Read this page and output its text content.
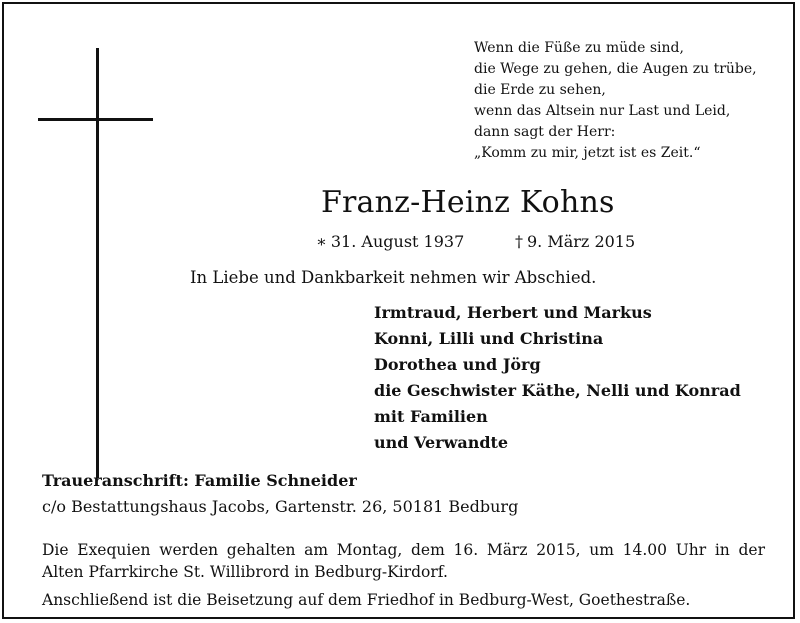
Wenn die Füße zu müde sind,
die Wege zu gehen, die Augen zu trübe,
die Erde zu sehen,
wenn das Altsein nur Last und Leid,
dann sagt der Herr:
„Komm zu mir, jetzt ist es Zeit.“
Franz-Heinz Kohns
∗ 31. August 1937	† 9. März 2015
In Liebe und Dankbarkeit nehmen wir Abschied.
Irmtraud, Herbert und Markus
Konni, Lilli und Christina
Dorothea und Jörg
die Geschwister Käthe, Nelli und Konrad
mit Familien
und Verwandte
Traueranschrift: Familie Schneider
c/o Bestattungshaus Jacobs, Gartenstr. 26, 50181 Bedburg
Die Exequien werden gehalten am Montag, dem 16. März 2015, um 14.00 Uhr in der
Alten Pfarrkirche St. Willibrord in Bedburg-Kirdorf.
Anschließend ist die Beisetzung auf dem Friedhof in Bedburg-West, Goethestraße.
